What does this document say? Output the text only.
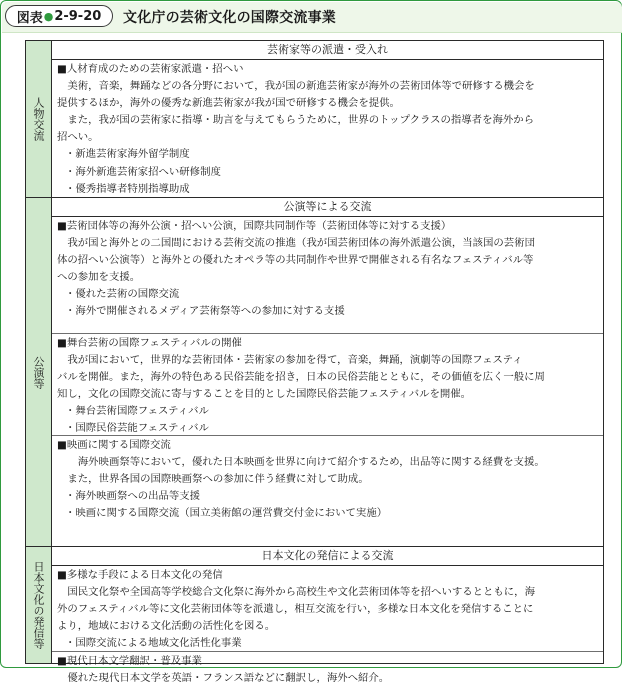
図表 ● 2-9-20 文化庁の芸術文化の国際交流事業
人物交流
芸術家等の派遣・受入れ
■人材育成のための芸術家派遣・招へい
　美術，音楽，舞踊などの各分野において，我が国の新進芸術家が海外の芸術団体等で研修する機会を
提供するほか，海外の優秀な新進芸術家が我が国で研修する機会を提供。
　また，我が国の芸術家に指導・助言を与えてもらうために，世界のトップクラスの指導者を海外から
招へい。
・新進芸術家海外留学制度
・海外新進芸術家招へい研修制度
・優秀指導者特別指導助成
公演等
公演等による交流
■芸術団体等の海外公演・招へい公演，国際共同制作等（芸術団体等に対する支援）
　我が国と海外との二国間における芸術交流の推進（我が国芸術団体の海外派遣公演，当該国の芸術団
体の招へい公演等）と海外との優れたオペラ等の共同制作や世界で開催される有名なフェスティバル等
への参加を支援。
・優れた芸術の国際交流
・海外で開催されるメディア芸術祭等への参加に対する支援
■舞台芸術の国際フェスティバルの開催
　我が国において，世界的な芸術団体・芸術家の参加を得て，音楽，舞踊，演劇等の国際フェスティ
バルを開催。また，海外の特色ある民俗芸能を招き，日本の民俗芸能とともに，その価値を広く一般に周
知し，文化の国際交流に寄与することを目的とした国際民俗芸能フェスティバルを開催。
・舞台芸術国際フェスティバル
・国際民俗芸能フェスティバル
■映画に関する国際交流
　　海外映画祭等において，優れた日本映画を世界に向けて紹介するため，出品等に関する経費を支援。
　また，世界各国の国際映画祭への参加に伴う経費に対して助成。
・海外映画祭への出品等支援
・映画に関する国際交流（国立美術館の運営費交付金において実施）
日本文化の発信等
日本文化の発信による交流
■多様な手段による日本文化の発信
　国民文化祭や全国高等学校総合文化祭に海外から高校生や文化芸術団体等を招へいするとともに，海
外のフェスティバル等に文化芸術団体等を派遣し，相互交流を行い，多様な日本文化を発信することに
より，地域における文化活動の活性化を図る。
・国際交流による地域文化活性化事業
■現代日本文学翻訳・普及事業
　優れた現代日本文学を英語・フランス語などに翻訳し，海外へ紹介。
